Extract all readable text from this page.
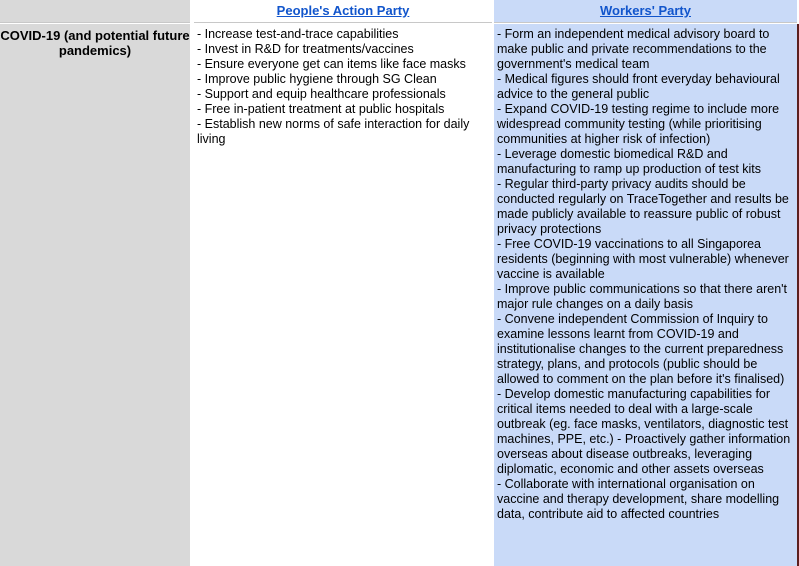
People's Action Party	Workers' Party
COVID-19 (and potential future pandemics)
- Increase test-and-trace capabilities
- Invest in R&D for treatments/vaccines
- Ensure everyone get can items like face masks
- Improve public hygiene through SG Clean
- Support and equip healthcare professionals
- Free in-patient treatment at public hospitals
- Establish new norms of safe interaction for daily living
- Form an independent medical advisory board to make public and private recommendations to the government's medical team
- Medical figures should front everyday behavioural advice to the general public
- Expand COVID-19 testing regime to include more widespread community testing (while prioritising communities at higher risk of infection)
- Leverage domestic biomedical R&D and manufacturing to ramp up production of test kits
- Regular third-party privacy audits should be conducted regularly on TraceTogether and results be made publicly available to reassure public of robust privacy protections
- Free COVID-19 vaccinations to all Singaporea residents (beginning with most vulnerable) whenever vaccine is available
- Improve public communications so that there aren't major rule changes on a daily basis
- Convene independent Commission of Inquiry to examine lessons learnt from COVID-19 and institutionalise changes to the current preparedness strategy, plans, and protocols (public should be allowed to comment on the plan before it's finalised)
- Develop domestic manufacturing capabilities for critical items needed to deal with a large-scale outbreak (eg. face masks, ventilators, diagnostic test machines, PPE, etc.) - Proactively gather information overseas about disease outbreaks, leveraging diplomatic, economic and other assets overseas
- Collaborate with international organisation on vaccine and therapy development, share modelling data, contribute aid to affected countries
